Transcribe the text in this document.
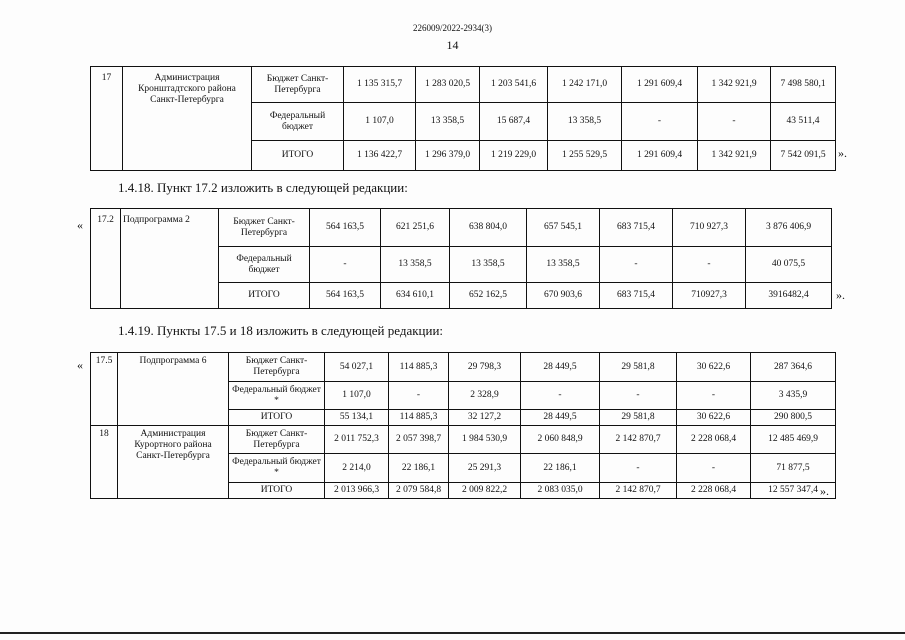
226009/2022-2934(3)
14
17	Администрация Кронштадтского района Санкт-Петербурга	Бюджет Санкт-Петербурга	1 135 315,7	1 283 020,5	1 203 541,6	1 242 171,0	1 291 609,4	1 342 921,9	7 498 580,1
		Федеральный бюджет	1 107,0	13 358,5	15 687,4	13 358,5	-	-	43 511,4
		ИТОГО	1 136 422,7	1 296 379,0	1 219 229,0	1 255 529,5	1 291 609,4	1 342 921,9	7 542 091,5 ».
1.4.18. Пункт 17.2 изложить в следующей редакции:
« 17.2	Подпрограмма 2	Бюджет Санкт-Петербурга	564 163,5	621 251,6	638 804,0	657 545,1	683 715,4	710 927,3	3 876 406,9
		Федеральный бюджет	-	13 358,5	13 358,5	13 358,5	-	-	40 075,5
		ИТОГО	564 163,5	634 610,1	652 162,5	670 903,6	683 715,4	710927,3	3916482,4 ».
1.4.19. Пункты 17.5 и 18 изложить в следующей редакции:
« 17.5	Подпрограмма 6	Бюджет Санкт-Петербурга	54 027,1	114 885,3	29 798,3	28 449,5	29 581,8	30 622,6	287 364,6
		Федеральный бюджет *	1 107,0	-	2 328,9	-	-	-	3 435,9
		ИТОГО	55 134,1	114 885,3	32 127,2	28 449,5	29 581,8	30 622,6	290 800,5
18	Администрация Курортного района Санкт-Петербурга	Бюджет Санкт-Петербурга	2 011 752,3	2 057 398,7	1 984 530,9	2 060 848,9	2 142 870,7	2 228 068,4	12 485 469,9
		Федеральный бюджет *	2 214,0	22 186,1	25 291,3	22 186,1	-	-	71 877,5
		ИТОГО	2 013 966,3	2 079 584,8	2 009 822,2	2 083 035,0	2 142 870,7	2 228 068,4	12 557 347,4 ».
